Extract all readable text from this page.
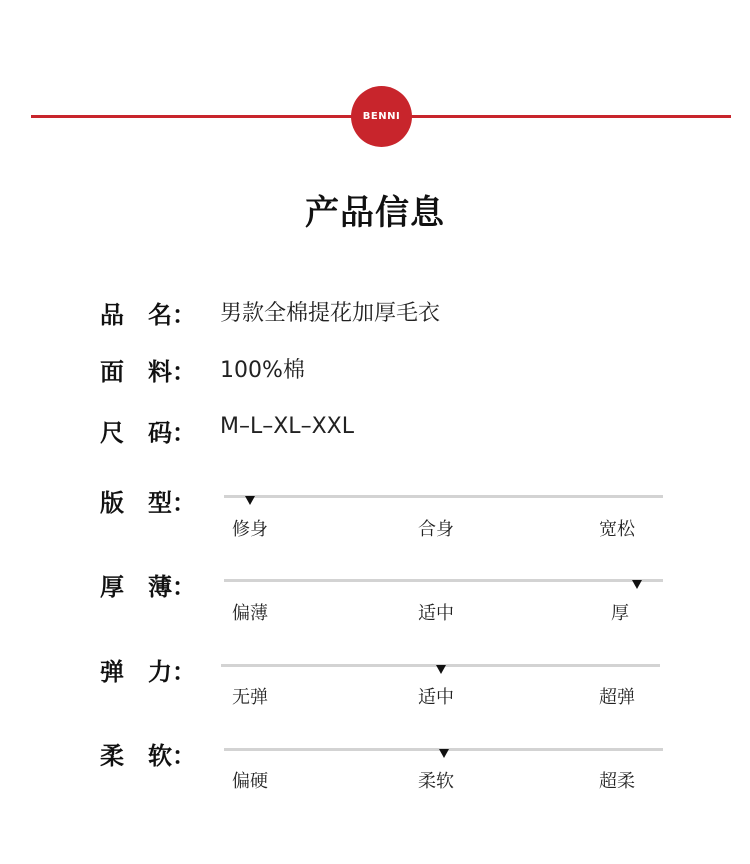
BENNI
产品信息
品　名： 男款全棉提花加厚毛衣
面　料： 100%棉
尺　码： M–L–XL–XXL
版　型：
修身	合身	宽松
厚　薄：
偏薄	适中	厚
弹　力：
无弹	适中	超弹
柔　软：
偏硬	柔软	超柔
